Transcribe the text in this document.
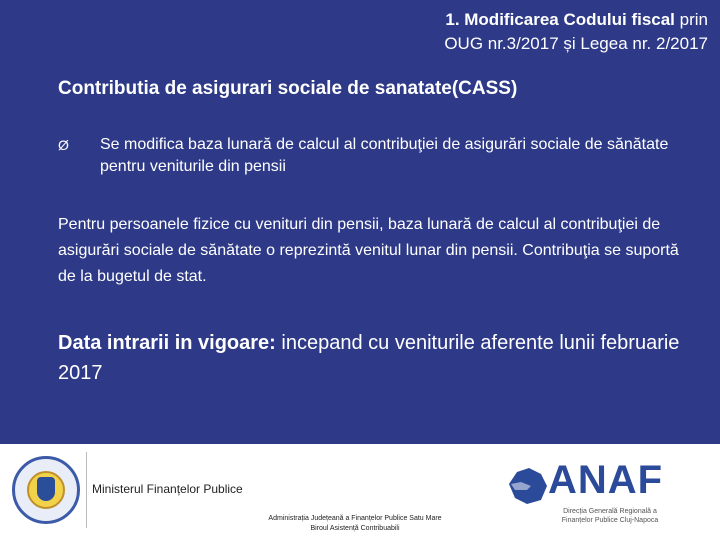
1. Modificarea Codului fiscal prin
OUG nr.3/2017 și Legea nr. 2/2017
Contributia de asigurari sociale de sanatate(CASS)
Ø	Se modifica baza lunară de calcul al contribuţiei de asigurări sociale de sănătate pentru veniturile din pensii
Pentru persoanele fizice cu venituri din pensii, baza lunară de calcul al contribuţiei de asigurări sociale de sănătate o reprezintă venitul lunar din pensii. Contribuţia se suportă de la bugetul de stat.
Data intrarii in vigoare: incepand cu veniturile aferente lunii februarie 2017
Ministerul Finanțelor Publice
Administrația Județeană a Finanțelor Publice Satu Mare
Biroul Asistență Contribuabili
ANAF
Direcția Generală Regională a Finanțelor Publice Cluj-Napoca
